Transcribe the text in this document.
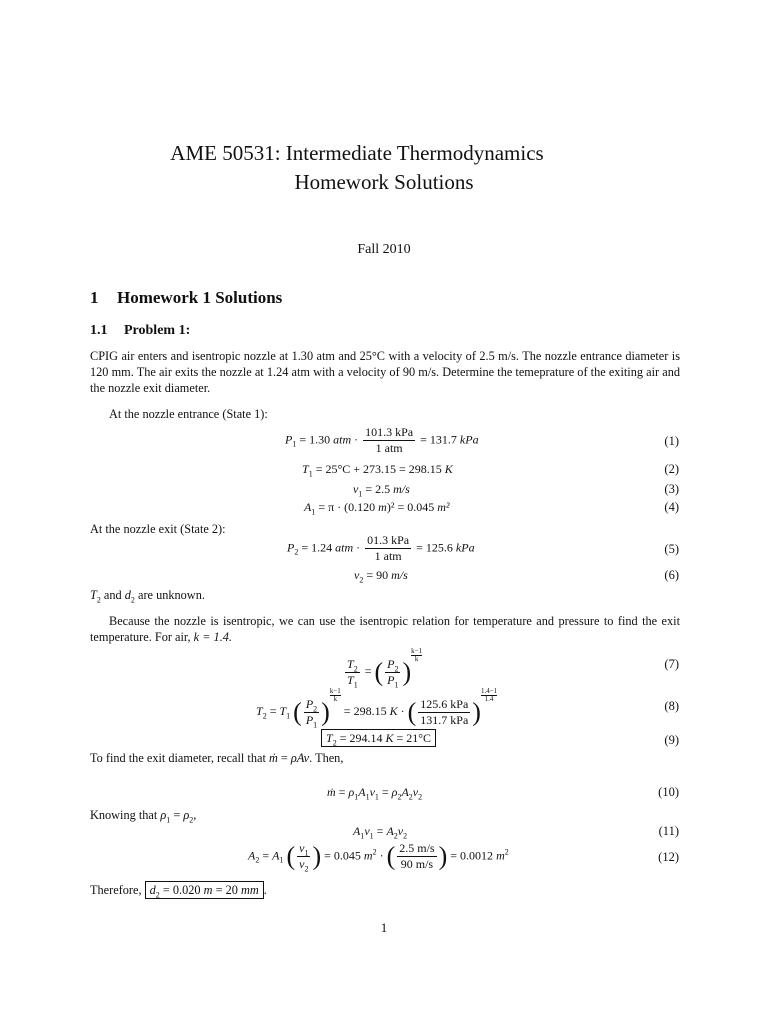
AME 50531: Intermediate Thermodynamics
Homework Solutions
Fall 2010
1 Homework 1 Solutions
1.1 Problem 1:
CPIG air enters and isentropic nozzle at 1.30 atm and 25°C with a velocity of 2.5 m/s. The nozzle entrance diameter is 120 mm. The air exits the nozzle at 1.24 atm with a velocity of 90 m/s. Determine the temeprature of the exiting air and the nozzle exit diameter.
At the nozzle entrance (State 1):
$P_1 = 1.30$ atm · $\frac{\text{101.3 kPa}}{\text{1 atm}} = 131.7$ kPa	(1)
$T_1 = 25^\circ C + 273.15 = 298.15$ K	(2)
$v_1 = 2.5$ m/s	(3)
$A_1 = \pi \cdot (0.120$ m)² = 0.045 m²	(4)
At the nozzle exit (State 2):
$P_2 = 1.24$ atm · $\frac{\text{01.3 kPa}}{\text{1 atm}} = 125.6$ kPa	(5)
$v_2 = 90$ m/s	(6)
$T_2$ and $d_2$ are unknown.
Because the nozzle is isentropic, we can use the isentropic relation for temperature and pressure to find the exit temperature. For air, k = 1.4.
$\frac{T_2}{T_1}$ = ( $\frac{P_2}{P_1}$ )
$\frac{k-1}{k}$
(7)
$T_2 = T_1$ ( $\frac{P_2}{P_1}$ )
$\frac{k-1}{k} = 298.15$ K · ( $\frac{\text{125.6 kPa}}{\text{131.7 kPa}}$ )
$\frac{1.4-1}{1.4}$
(8)
$T_2 = 294.14$ K = 21°C	(9)
To find the exit diameter, recall that ṁ = ρAv. Then,
ṁ = $\rho_1A_1v_1 = \rho_2A_2v_2$	(10)
Knowing that $\rho_1 = \rho_2$,
$A_1v_1 = A_2v_2$	(11)
$A_2 = A_1$ ( $\frac{v_1}{v_2}$ ) = 0.045 $m^2$ · ( $\frac{2.5 m/s}{90 m/s}$ ) = 0.0012 $m^2$	(12)
Therefore, $d_2 = 0.020$ m = 20 mm .
1
